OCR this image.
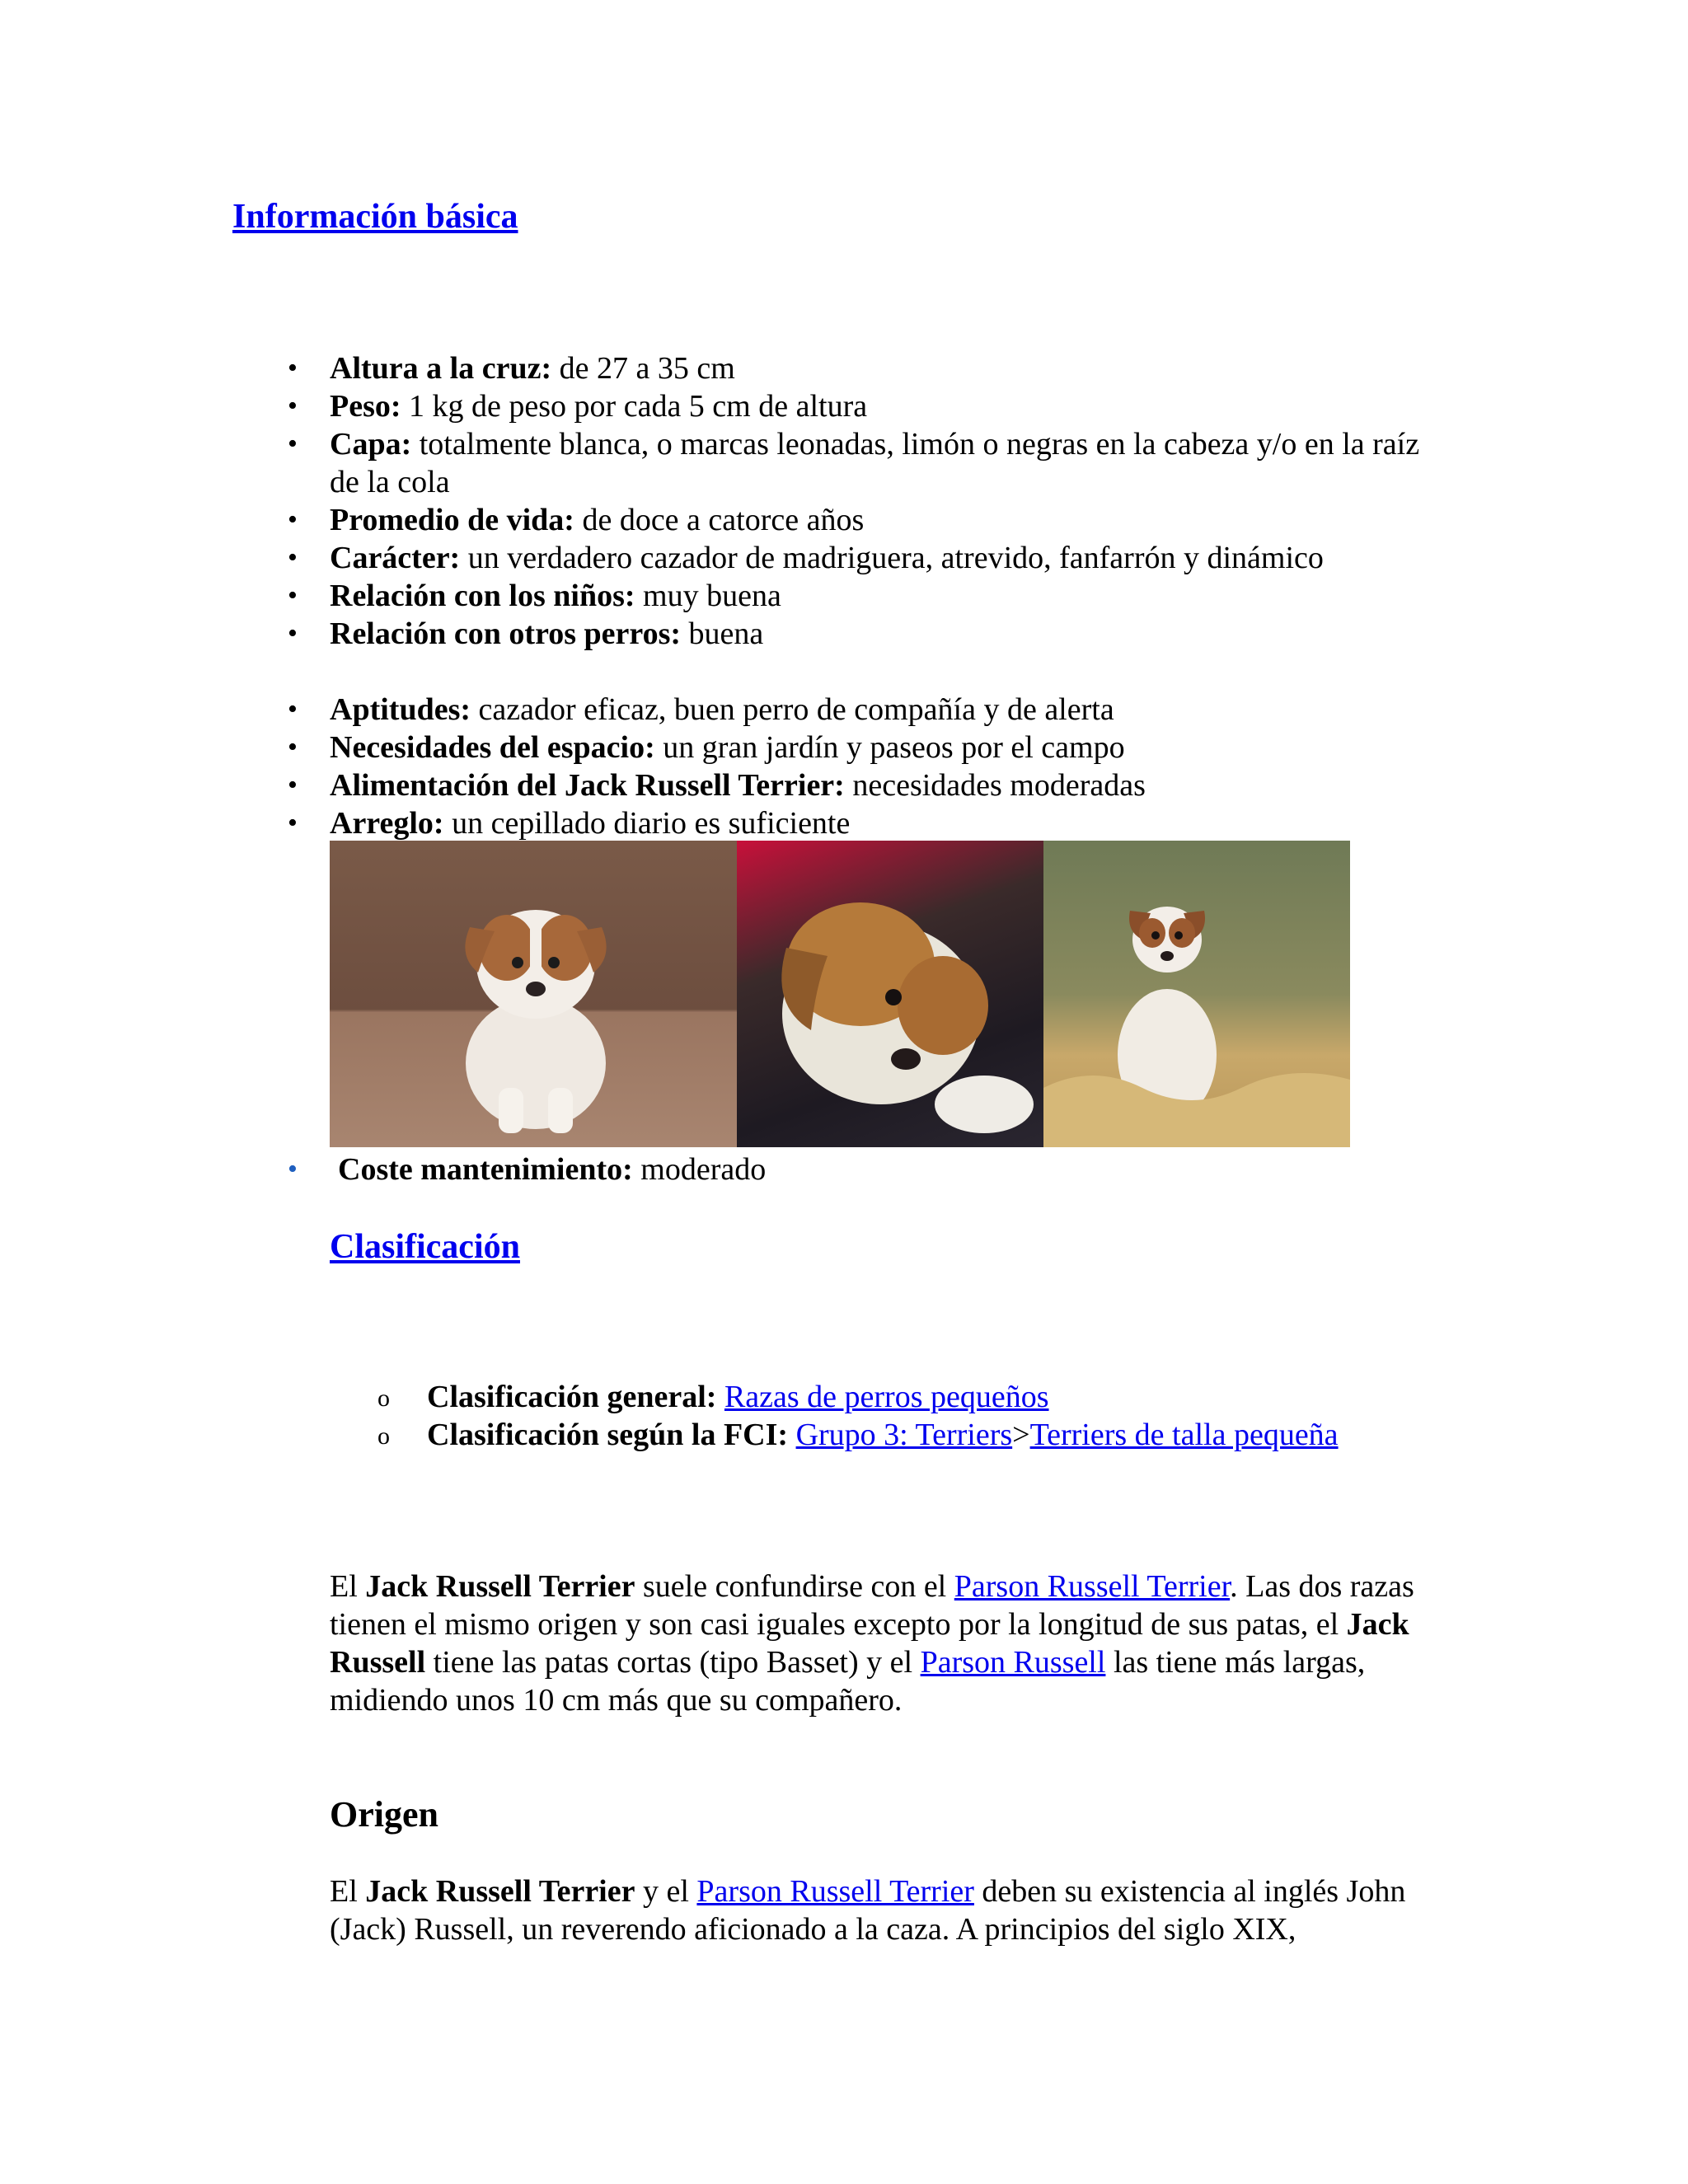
Información básica
• Altura a la cruz: de 27 a 35 cm
• Peso: 1 kg de peso por cada 5 cm de altura
• Capa: totalmente blanca, o marcas leonadas, limón o negras en la cabeza y/o en la raíz de la cola
• Promedio de vida: de doce a catorce años
• Carácter: un verdadero cazador de madriguera, atrevido, fanfarrón y dinámico
• Relación con los niños: muy buena
• Relación con otros perros: buena
• Aptitudes: cazador eficaz, buen perro de compañía y de alerta
• Necesidades del espacio: un gran jardín y paseos por el campo
• Alimentación del Jack Russell Terrier: necesidades moderadas
• Arreglo: un cepillado diario es suficiente
• Coste mantenimiento: moderado
Clasificación
o Clasificación general: Razas de perros pequeños
o Clasificación según la FCI: Grupo 3: Terriers>Terriers de talla pequeña

El Jack Russell Terrier suele confundirse con el Parson Russell Terrier. Las dos razas tienen el mismo origen y son casi iguales excepto por la longitud de sus patas, el Jack Russell tiene las patas cortas (tipo Basset) y el Parson Russell las tiene más largas, midiendo unos 10 cm más que su compañero.

Origen

El Jack Russell Terrier y el Parson Russell Terrier deben su existencia al inglés John (Jack) Russell, un reverendo aficionado a la caza. A principios del siglo XIX,
